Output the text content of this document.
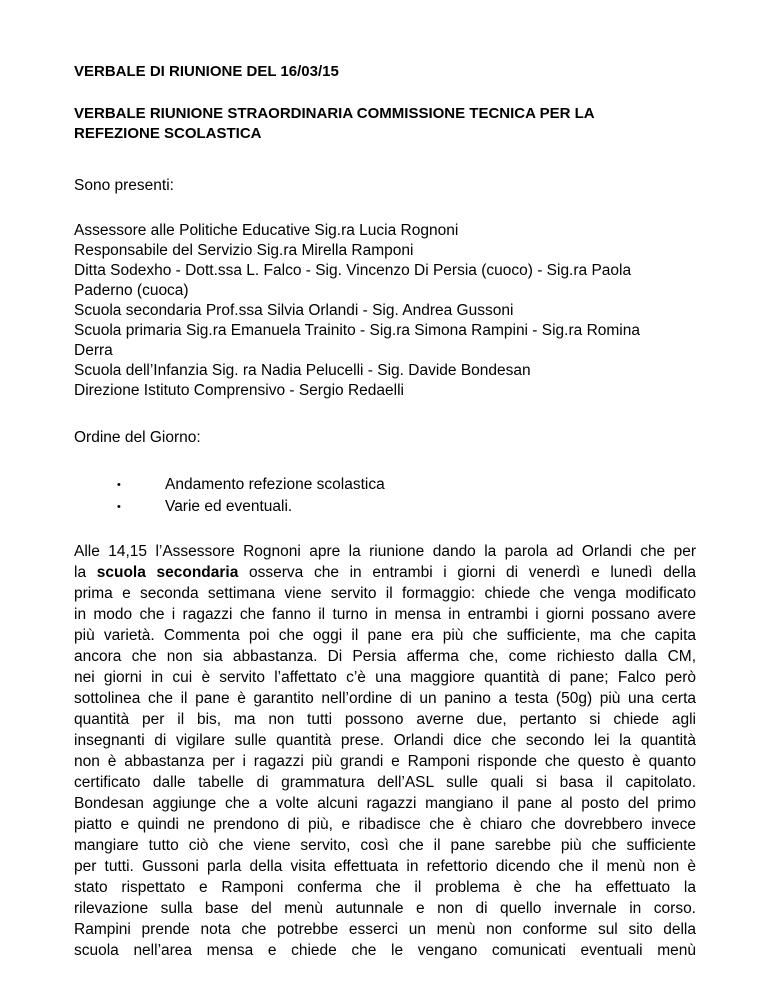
VERBALE DI RIUNIONE DEL 16/03/15

VERBALE RIUNIONE STRAORDINARIA COMMISSIONE TECNICA PER LA REFEZIONE SCOLASTICA

Sono presenti:

Assessore alle Politiche Educative Sig.ra Lucia Rognoni
Responsabile del Servizio Sig.ra Mirella Ramponi
Ditta Sodexho - Dott.ssa L. Falco - Sig. Vincenzo Di Persia (cuoco) - Sig.ra Paola
Paderno (cuoca)
Scuola secondaria Prof.ssa Silvia Orlandi - Sig. Andrea Gussoni
Scuola primaria Sig.ra Emanuela Trainito - Sig.ra Simona Rampini - Sig.ra Romina
Derra
Scuola dell’Infanzia Sig. ra Nadia Pelucelli - Sig. Davide Bondesan
Direzione Istituto Comprensivo - Sergio Redaelli

Ordine del Giorno:

•	Andamento refezione scolastica
•	Varie ed eventuali.
Alle 14,15 l’Assessore Rognoni apre la riunione dando la parola ad Orlandi che per
la scuola secondaria osserva che in entrambi i giorni di venerdì e lunedì della
prima e seconda settimana viene servito il formaggio: chiede che venga modificato
in modo che i ragazzi che fanno il turno in mensa in entrambi i giorni possano avere
più varietà. Commenta poi che oggi il pane era più che sufficiente, ma che capita
ancora che non sia abbastanza. Di Persia afferma che, come richiesto dalla CM,
nei giorni in cui è servito l’affettato c’è una maggiore quantità di pane; Falco però
sottolinea che il pane è garantito nell’ordine di un panino a testa (50g) più una certa
quantità per il bis, ma non tutti possono averne due, pertanto si chiede agli
insegnanti di vigilare sulle quantità prese. Orlandi dice che secondo lei la quantità
non è abbastanza per i ragazzi più grandi e Ramponi risponde che questo è quanto
certificato dalle tabelle di grammatura dell’ASL sulle quali si basa il capitolato.
Bondesan aggiunge che a volte alcuni ragazzi mangiano il pane al posto del primo
piatto e quindi ne prendono di più, e ribadisce che è chiaro che dovrebbero invece
mangiare tutto ciò che viene servito, così che il pane sarebbe più che sufficiente
per tutti. Gussoni parla della visita effettuata in refettorio dicendo che il menù non è
stato rispettato e Ramponi conferma che il problema è che ha effettuato la
rilevazione sulla base del menù autunnale e non di quello invernale in corso.
Rampini prende nota che potrebbe esserci un menù non conforme sul sito della
scuola nell’area mensa e chiede che le vengano comunicati eventuali menù
